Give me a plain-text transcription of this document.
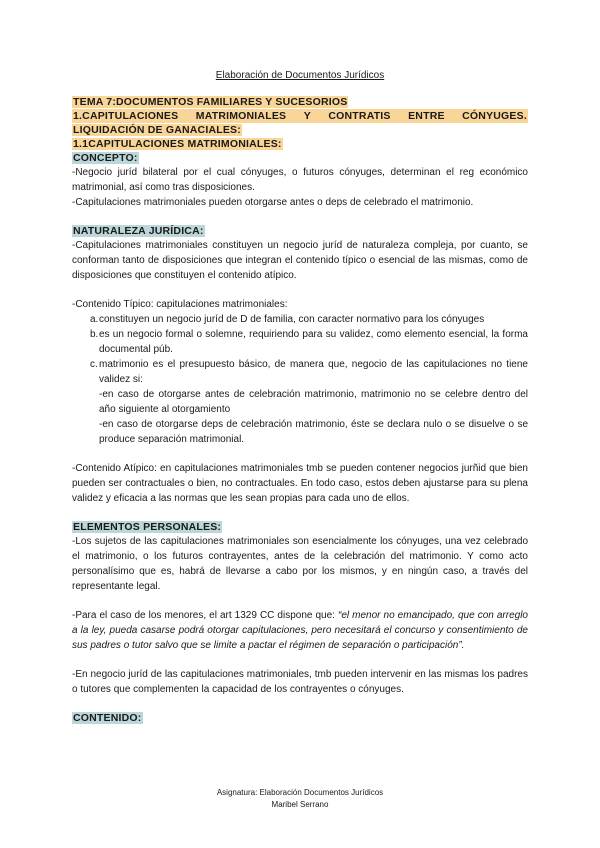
Elaboración de Documentos Jurídicos
TEMA 7:DOCUMENTOS FAMILIARES Y SUCESORIOS
1.CAPITULACIONES MATRIMONIALES Y CONTRATIS ENTRE CÓNYUGES.
LIQUIDACIÓN DE GANACIALES:
1.1CAPITULACIONES MATRIMONIALES:
CONCEPTO:

-Negocio juríd bilateral por el cual cónyuges, o futuros cónyuges, determinan el reg económico matrimonial, así como tras disposiciones.

-Capitulaciones matrimoniales pueden otorgarse antes o deps de celebrado el matrimonio.

NATURALEZA JURÍDICA:

-Capitulaciones matrimoniales constituyen un negocio juríd de naturaleza compleja, por cuanto, se conforman tanto de disposiciones que integran el contenido típico o esencial de las mismas, como de disposiciones que constituyen el contenido atípico.

-Contenido Típico: capitulaciones matrimoniales:

a. constituyen un negocio juríd de D de familia, con caracter normativo para los cónyuges

b. es un negocio formal o solemne, requiriendo para su validez, como elemento esencial, la forma documental púb.

c. matrimonio es el presupuesto básico, de manera que, negocio de las capitulaciones no tiene validez si:

-en caso de otorgarse antes de celebración matrimonio, matrimonio no se celebre dentro del año siguiente al otorgamiento

-en caso de otorgarse deps de celebración matrimonio, éste se declara nulo o se disuelve o se produce separación matrimonial.

-Contenido Atípico: en capitulaciones matrimoniales tmb se pueden contener negocios jurñid que bien pueden ser contractuales o bien, no contractuales. En todo caso, estos deben ajustarse para su plena validez y eficacia a las normas que les sean propias para cada uno de ellos.

ELEMENTOS PERSONALES:

-Los sujetos de las capitulaciones matrimoniales son esencialmente los cónyuges, una vez celebrado el matrimonio, o los futuros contrayentes, antes de la celebración del matrimonio. Y como acto personalísimo que es, habrá de llevarse a cabo por los mismos, y en ningún caso, a través del representante legal.

-Para el caso de los menores, el art 1329 CC dispone que: “el menor no emancipado, que con arreglo a la ley, pueda casarse podrá otorgar capitulaciones, pero necesitará el concurso y consentimiento de sus padres o tutor salvo que se limite a pactar el régimen de separación o participación”.

-En negocio juríd de las capitulaciones matrimoniales, tmb pueden intervenir en las mismas los padres o tutores que complementen la capacidad de los contrayentes o cónyuges.

CONTENIDO:
Asignatura: Elaboración Documentos Jurídicos
Maribel Serrano
